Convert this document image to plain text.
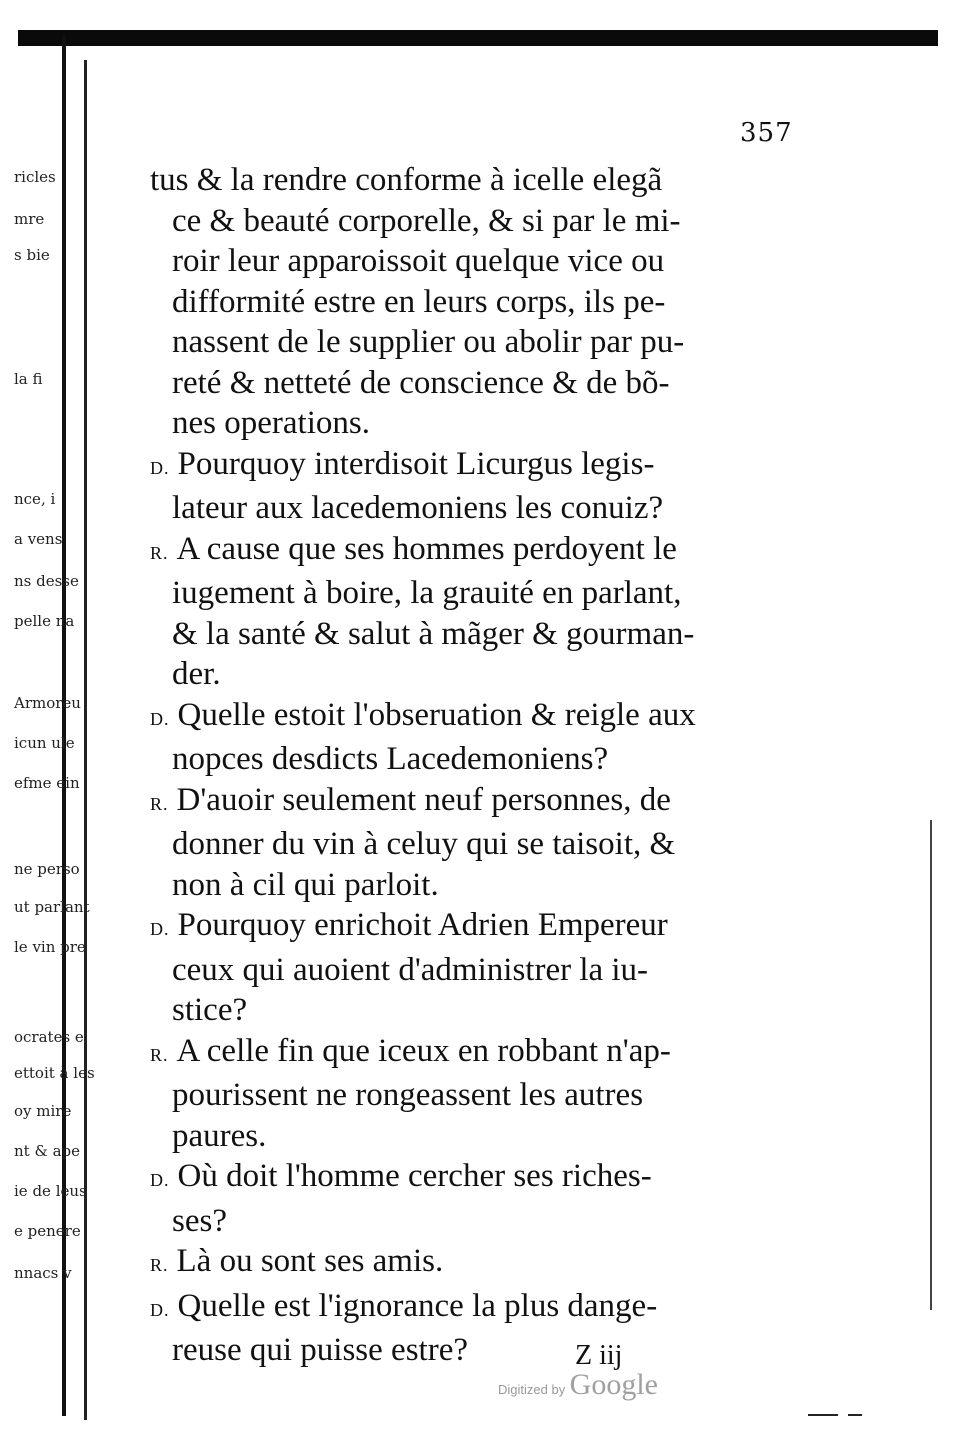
ricles
mre
s bie
la fi
nce, i
a vens
ns desse
pelle na
Armoreu
icun ule
efme ein
ne perso
ut parlant
le vin pre
ocrates e
ettoit à les
oy mire
nt & ape
ie de leus
e penere
nnacs v
357
tus & la rendre conforme à icelle elegã
ce & beauté corporelle, & si par le mi-
roir leur apparoissoit quelque vice ou
difformité estre en leurs corps, ils pe-
nassent de le supplier ou abolir par pu-
reté & netteté de conscience & de bõ-
nes operations.
D. Pourquoy interdisoit Licurgus legis-
lateur aux lacedemoniens les conuiz?
R. A cause que ses hommes perdoyent le
iugement à boire, la grauité en parlant,
& la santé & salut à mãger & gourman-
der.
D. Quelle estoit l'obseruation & reigle aux
nopces desdicts Lacedemoniens?
R. D'auoir seulement neuf personnes, de
donner du vin à celuy qui se taisoit, &
non à cil qui parloit.
D. Pourquoy enrichoit Adrien Empereur
ceux qui auoient d'administrer la iu-
stice?
R. A celle fin que iceux en robbant n'ap-
pourissent ne rongeassent les autres
paures.
D. Où doit l'homme cercher ses riches-
ses?
R. Là ou sont ses amis.
D. Quelle est l'ignorance la plus dange-
reuse qui puisse estre?	Z iij
Digitized by Google
